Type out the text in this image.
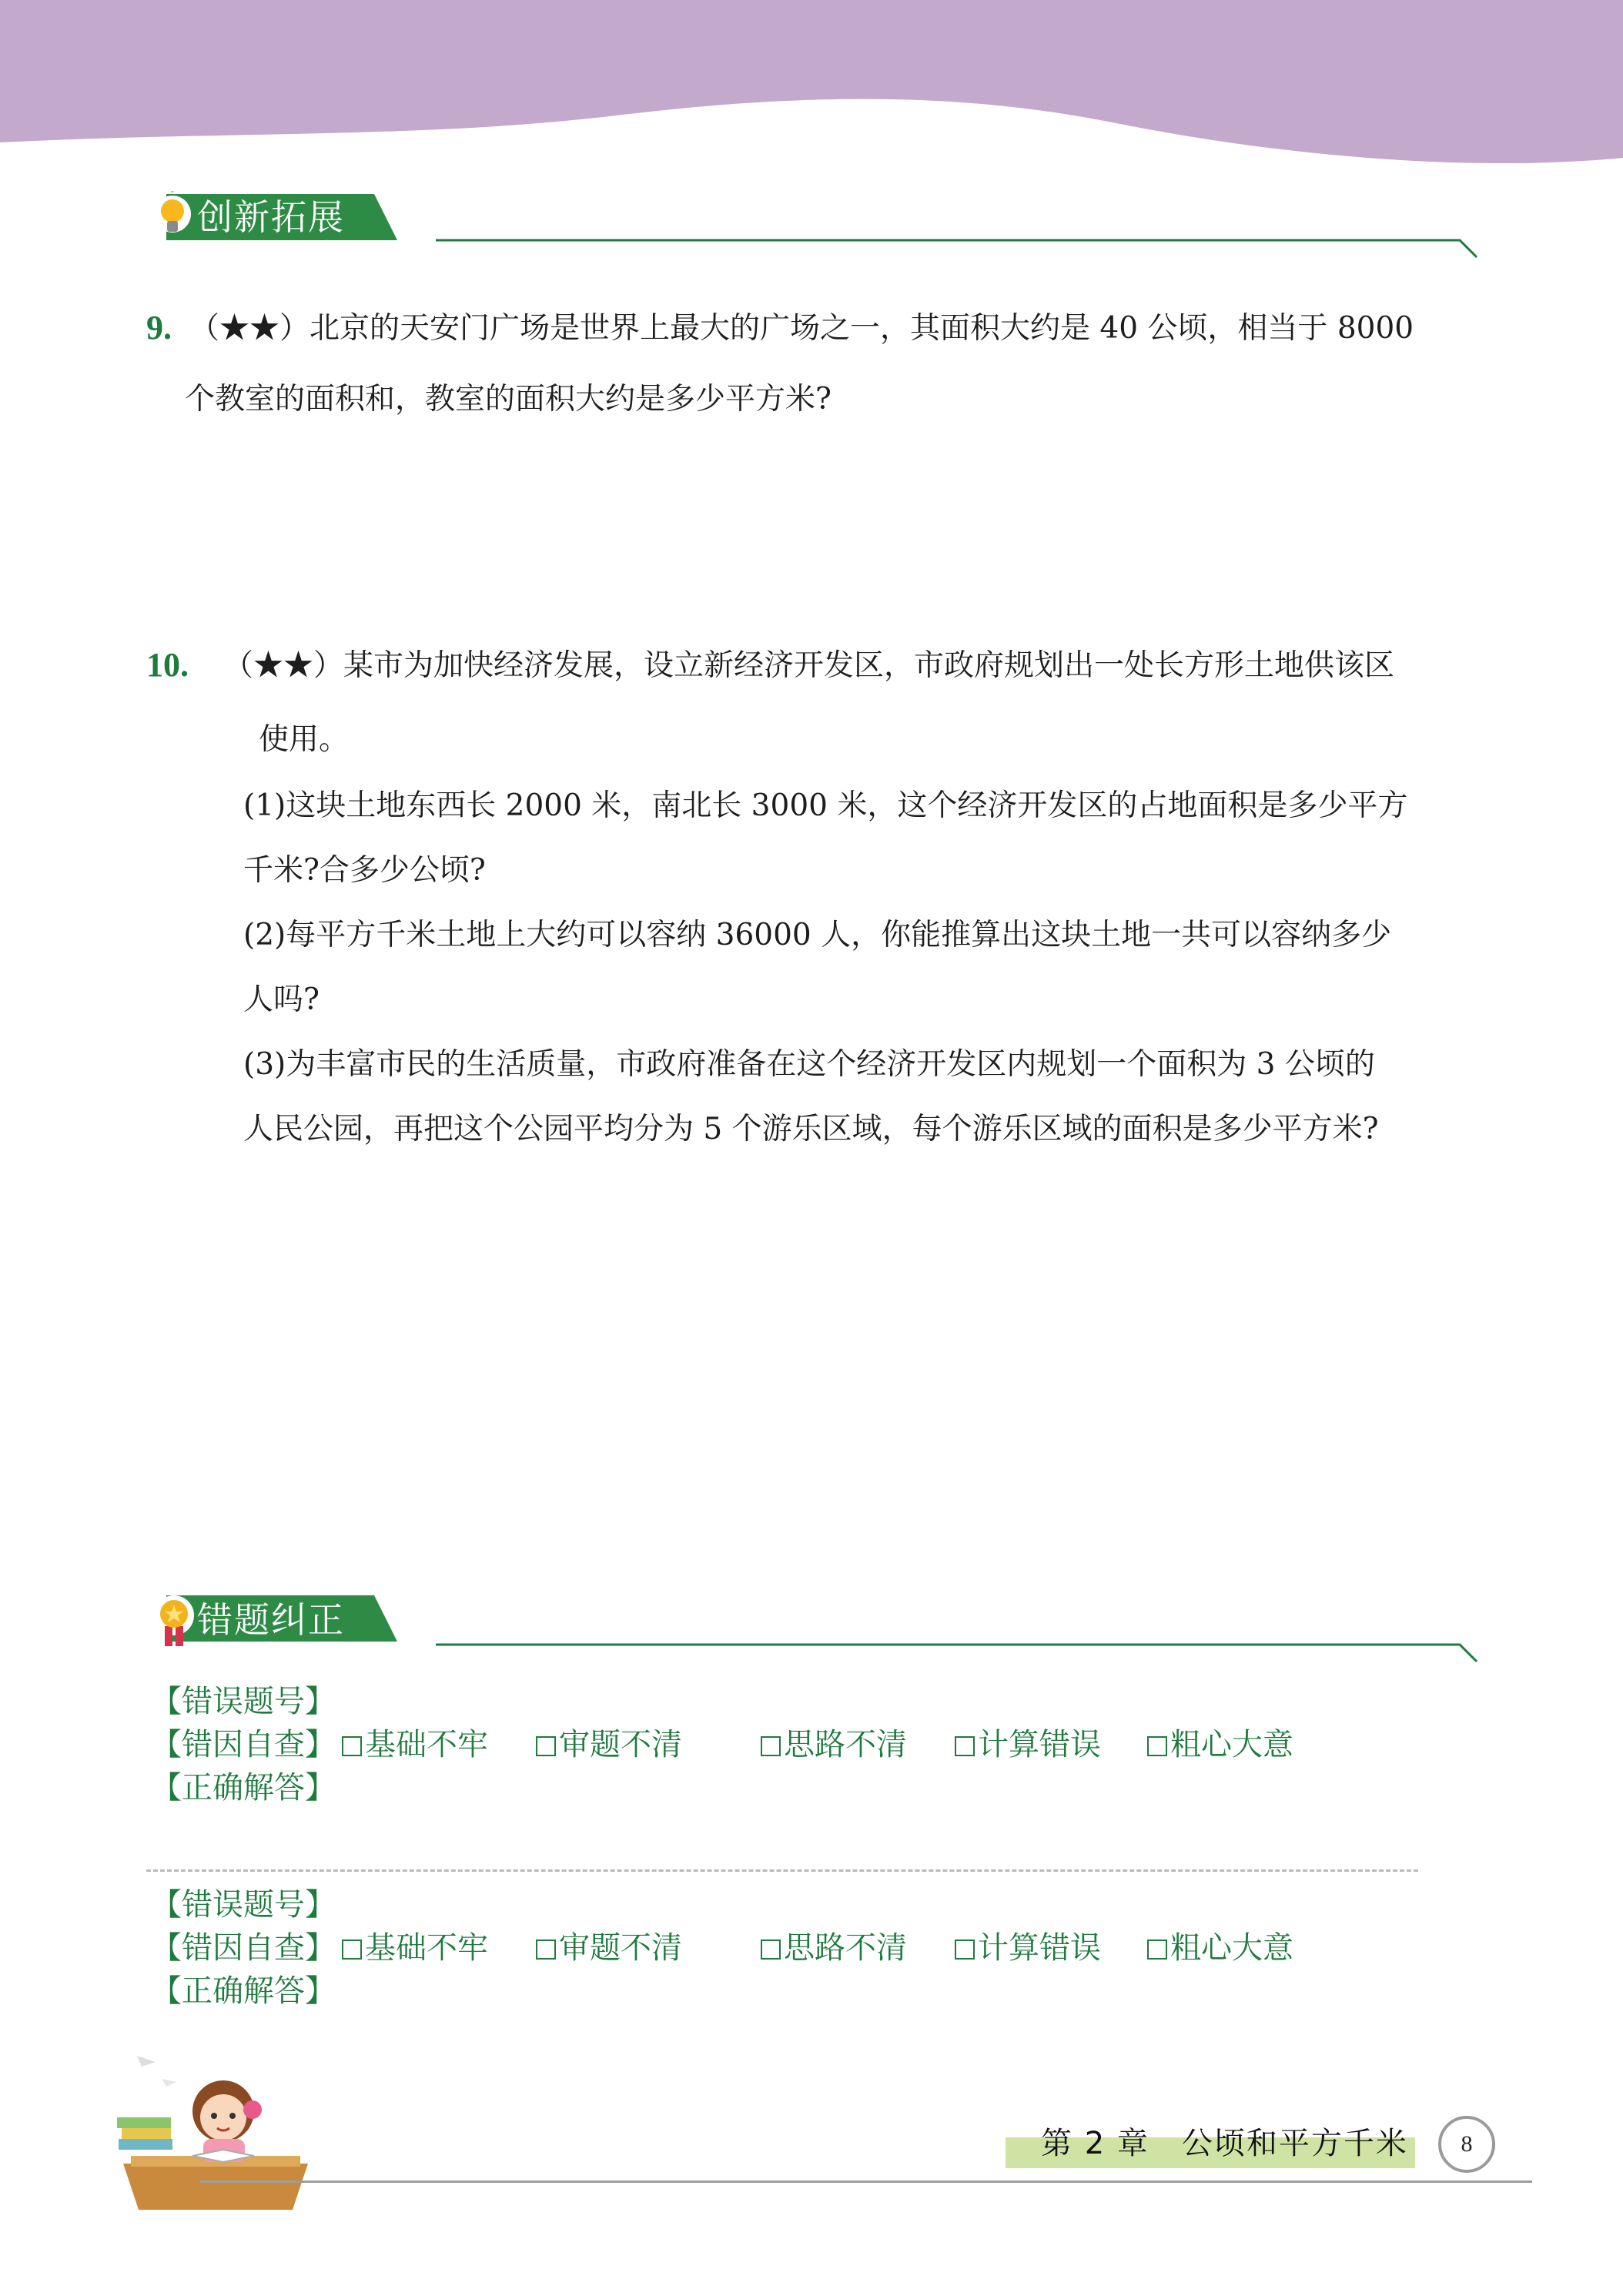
创新拓展
9. （★★）北京的天安门广场是世界上最大的广场之一，其面积大约是 40 公顷，相当于 8000
个教室的面积和，教室的面积大约是多少平方米?
10. （★★）某市为加快经济发展，设立新经济开发区，市政府规划出一处长方形土地供该区
使用。
(1)这块土地东西长 2000 米，南北长 3000 米，这个经济开发区的占地面积是多少平方
千米?合多少公顷?
(2)每平方千米土地上大约可以容纳 36000 人，你能推算出这块土地一共可以容纳多少
人吗?
(3)为丰富市民的生活质量，市政府准备在这个经济开发区内规划一个面积为 3 公顷的
人民公园，再把这个公园平均分为 5 个游乐区域，每个游乐区域的面积是多少平方米?
错题纠正
【错误题号】
【错因自查】 基础不牢	审题不清	思路不清	计算错误	粗心大意
【正确解答】
【错误题号】
【错因自查】 基础不牢	审题不清	思路不清	计算错误	粗心大意
【正确解答】
第 2 章　公顷和平方千米	8
